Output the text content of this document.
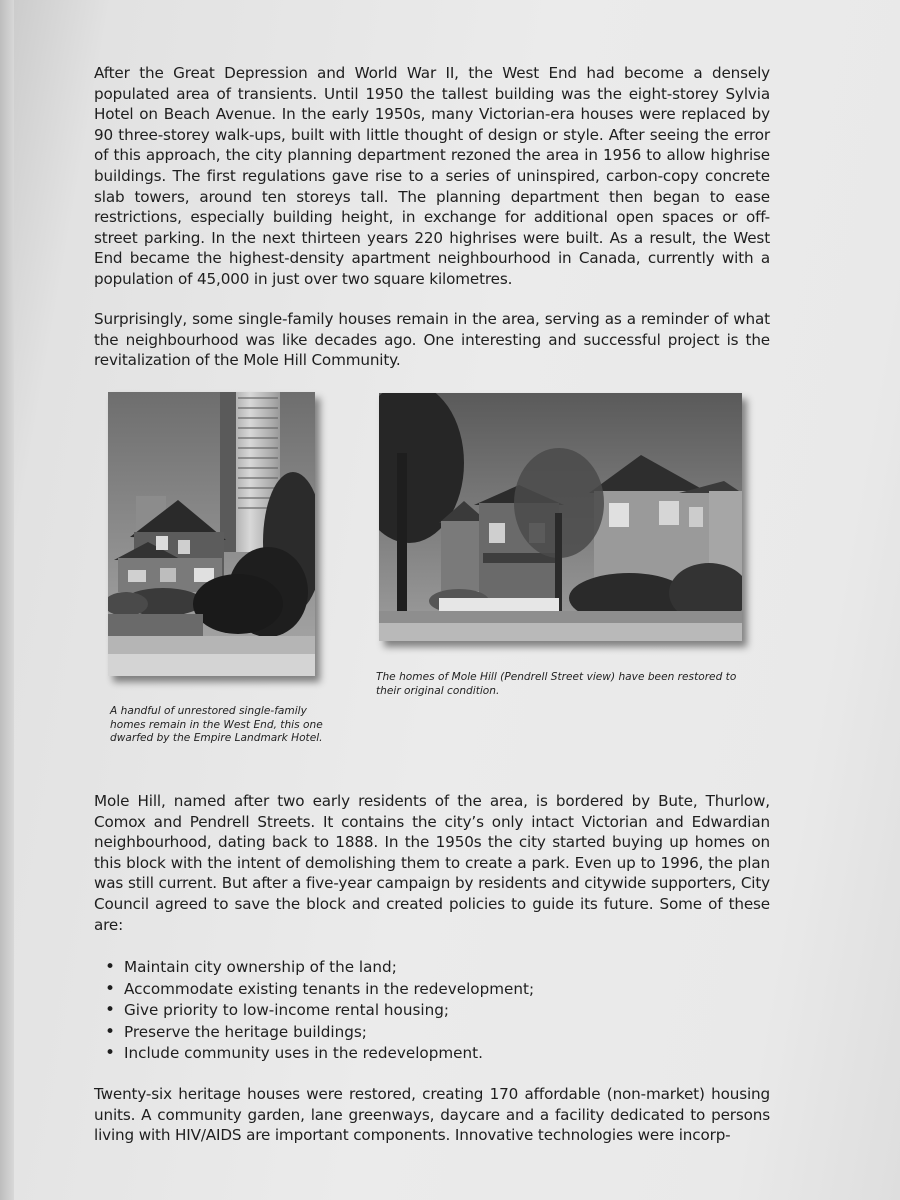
After the Great Depression and World War II, the West End had become a densely populated area of transients. Until 1950 the tallest building was the eight-storey Sylvia Hotel on Beach Avenue. In the early 1950s, many Victorian-era houses were replaced by 90 three-storey walk-ups, built with little thought of design or style. After seeing the error of this approach, the city planning department rezoned the area in 1956 to allow highrise buildings. The first regulations gave rise to a series of uninspired, carbon-copy concrete slab towers, around ten storeys tall. The planning department then began to ease restrictions, especially building height, in exchange for additional open spaces or off-street parking. In the next thirteen years 220 highrises were built. As a result, the West End became the highest-density apartment neighbourhood in Canada, currently with a population of 45,000 in just over two square kilometres.

Surprisingly, some single-family houses remain in the area, serving as a reminder of what the neighbourhood was like decades ago. One interesting and successful project is the revitalization of the Mole Hill Community.

The homes of Mole Hill (Pendrell Street view) have been restored to their original condition.

A handful of unrestored single-family homes remain in the West End, this one dwarfed by the Empire Landmark Hotel.

Mole Hill, named after two early residents of the area, is bordered by Bute, Thurlow, Comox and Pendrell Streets. It contains the city’s only intact Victorian and Edwardian neighbourhood, dating back to 1888. In the 1950s the city started buying up homes on this block with the intent of demolishing them to create a park. Even up to 1996, the plan was still current. But after a five-year campaign by residents and citywide supporters, City Council agreed to save the block and created policies to guide its future. Some of these are:

• Maintain city ownership of the land;
• Accommodate existing tenants in the redevelopment;
• Give priority to low-income rental housing;
• Preserve the heritage buildings;
• Include community uses in the redevelopment.

Twenty-six heritage houses were restored, creating 170 affordable (non-market) housing units. A community garden, lane greenways, daycare and a facility dedicated to persons living with HIV/AIDS are important components. Innovative technologies were incorp-
